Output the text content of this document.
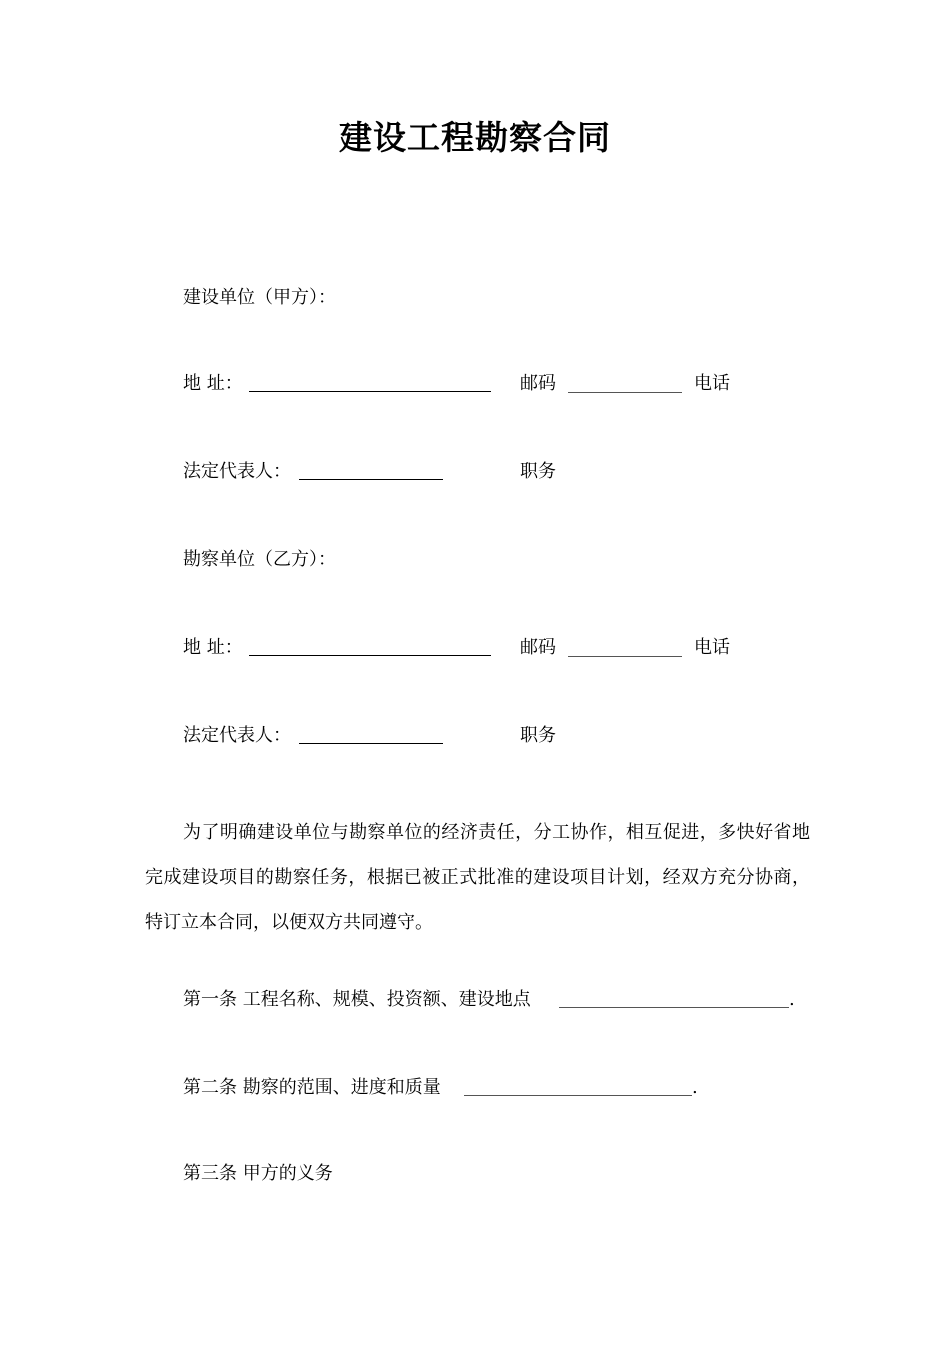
建设工程勘察合同
建设单位（甲方）：
地 址：	邮码	电话
法定代表人：	职务
勘察单位（乙方）：
地 址：	邮码	电话
法定代表人：	职务
为了明确建设单位与勘察单位的经济责任，分工协作，相互促进，多快好省地完成建设项目的勘察任务，根据已被正式批准的建设项目计划，经双方充分协商，特订立本合同，以便双方共同遵守。
第一条 工程名称、规模、投资额、建设地点	.
第二条 勘察的范围、进度和质量	.
第三条 甲方的义务
